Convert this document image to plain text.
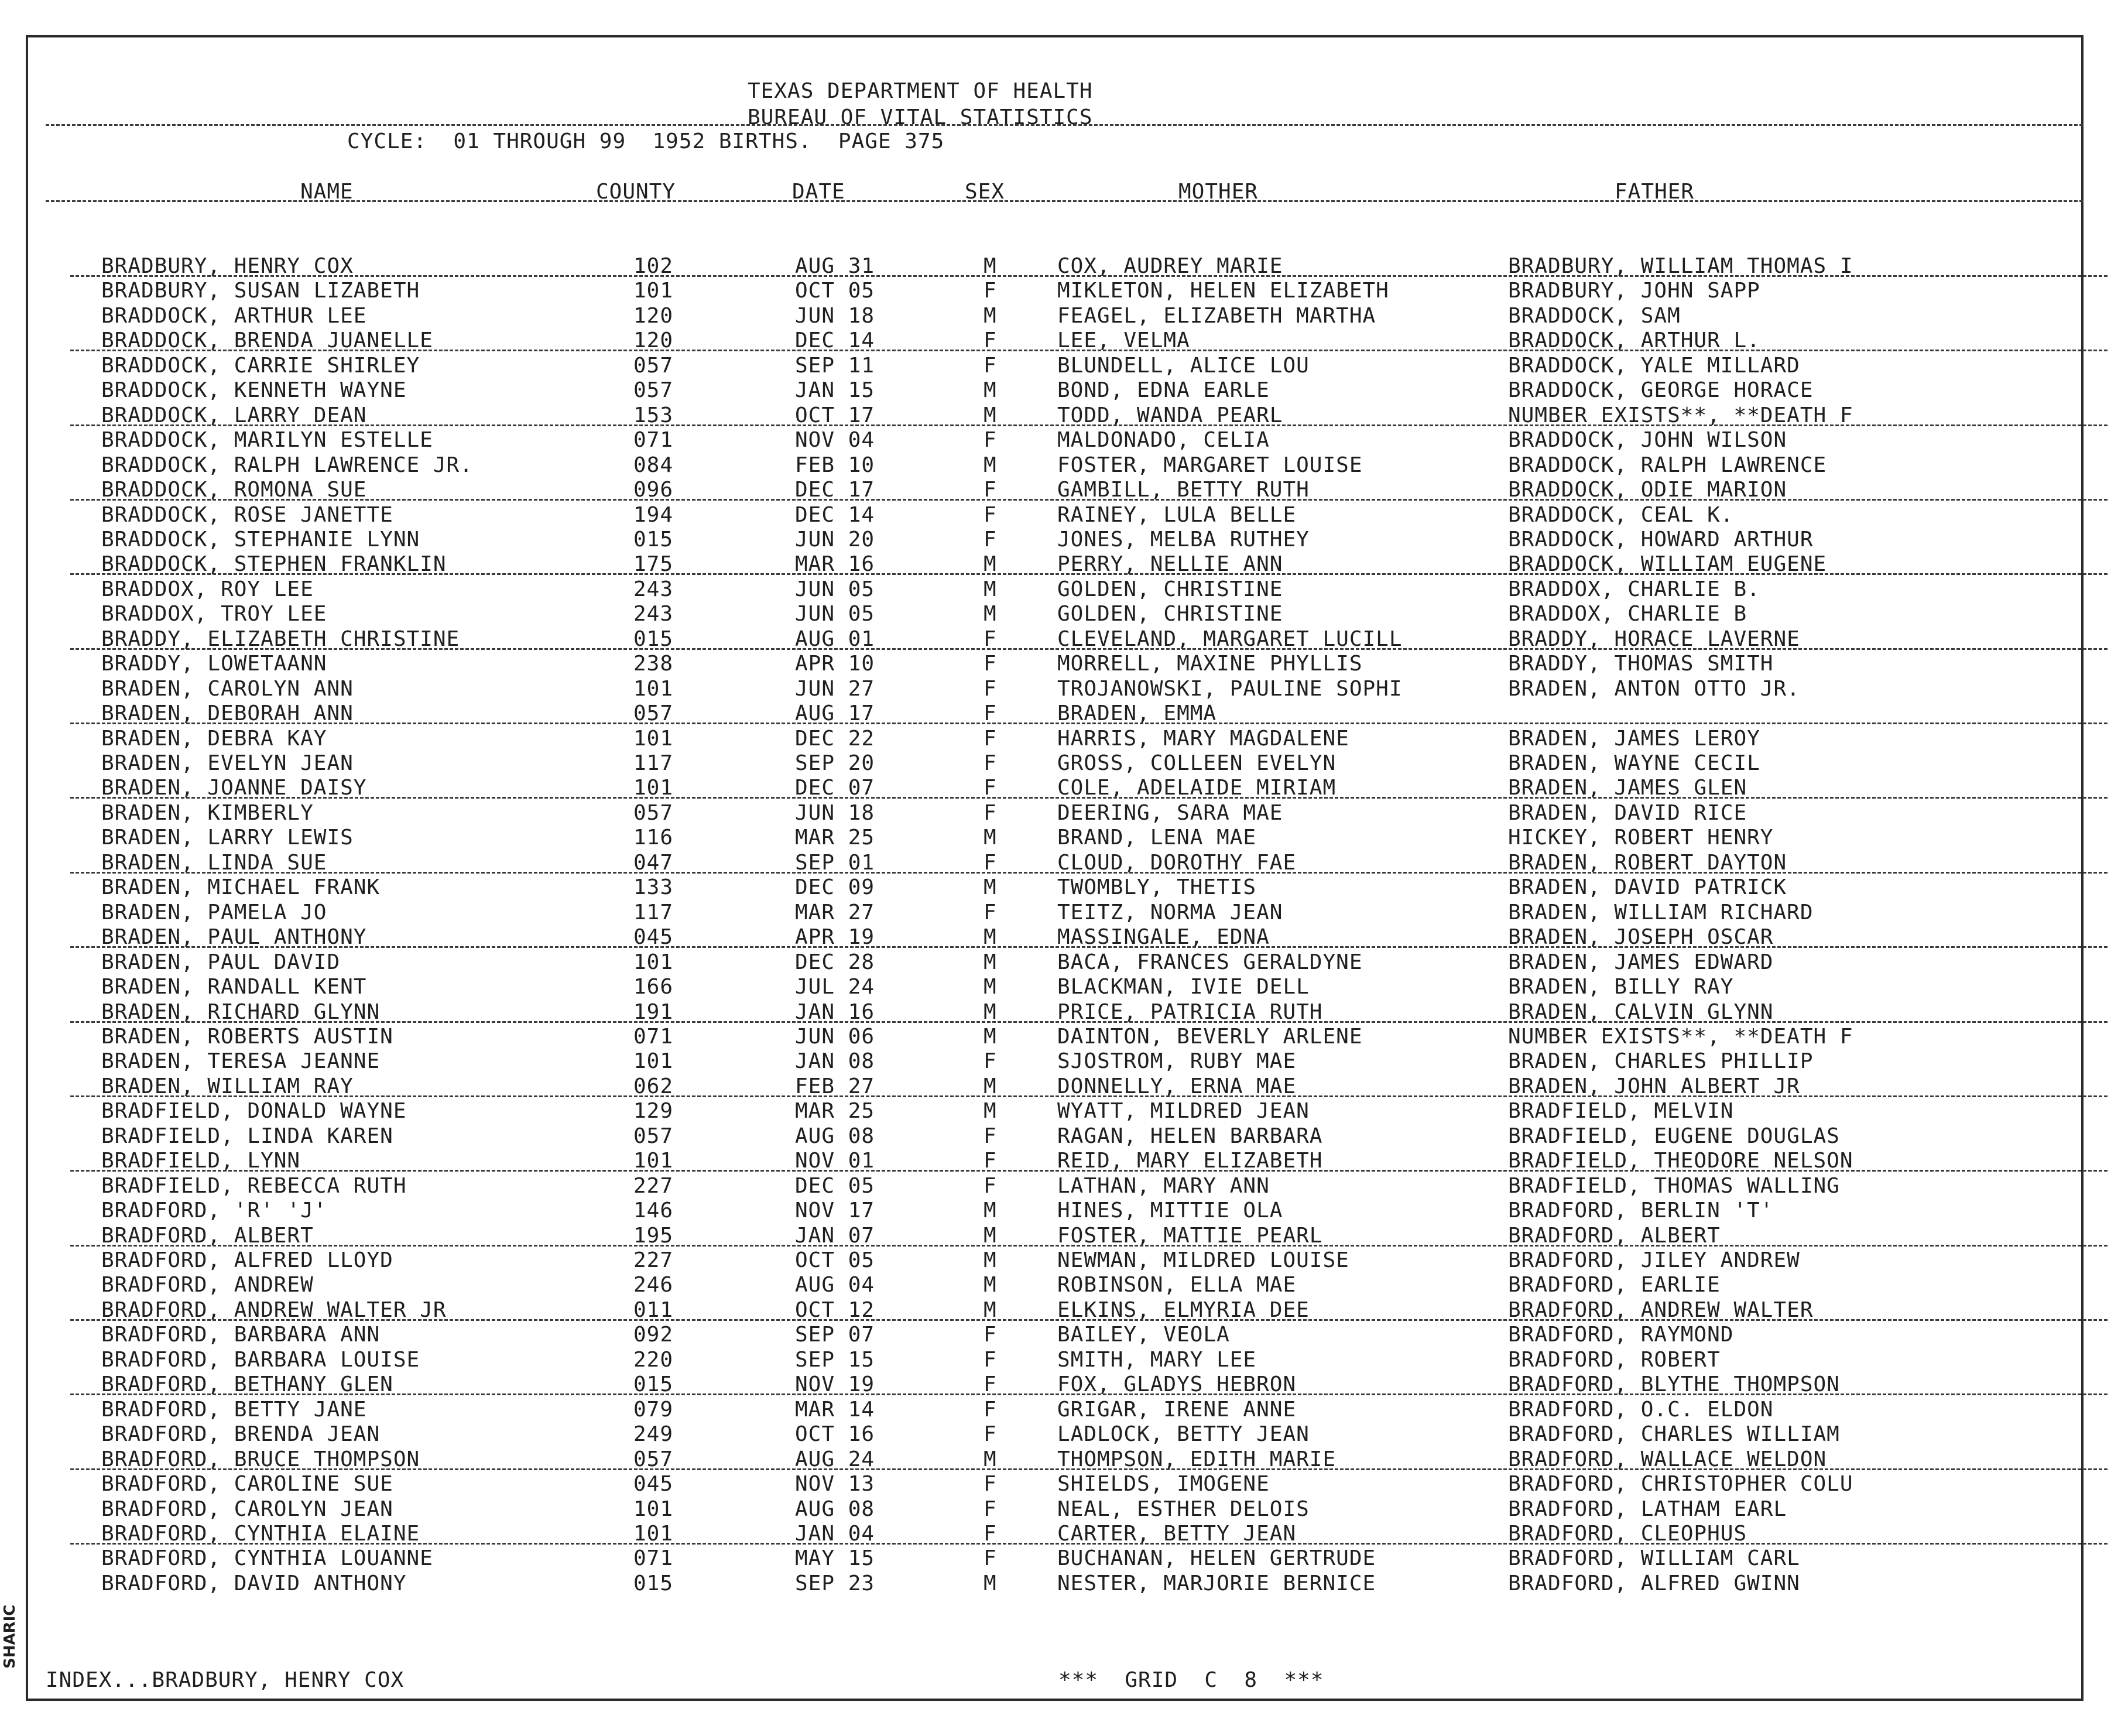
SHARIC
TEXAS DEPARTMENT OF HEALTH
BUREAU OF VITAL STATISTICS
CYCLE:  01 THROUGH 99  1952 BIRTHS.  PAGE 375
NAME	COUNTY	DATE	SEX	MOTHER	FATHER
BRADBURY, HENRY COX	102	AUG 31	M	COX, AUDREY MARIE	BRADBURY, WILLIAM THOMAS I
BRADBURY, SUSAN LIZABETH	101	OCT 05	F	MIKLETON, HELEN ELIZABETH	BRADBURY, JOHN SAPP
BRADDOCK, ARTHUR LEE	120	JUN 18	M	FEAGEL, ELIZABETH MARTHA	BRADDOCK, SAM
BRADDOCK, BRENDA JUANELLE	120	DEC 14	F	LEE, VELMA	BRADDOCK, ARTHUR L.
BRADDOCK, CARRIE SHIRLEY	057	SEP 11	F	BLUNDELL, ALICE LOU	BRADDOCK, YALE MILLARD
BRADDOCK, KENNETH WAYNE	057	JAN 15	M	BOND, EDNA EARLE	BRADDOCK, GEORGE HORACE
BRADDOCK, LARRY DEAN	153	OCT 17	M	TODD, WANDA PEARL	NUMBER EXISTS**, **DEATH F
BRADDOCK, MARILYN ESTELLE	071	NOV 04	F	MALDONADO, CELIA	BRADDOCK, JOHN WILSON
BRADDOCK, RALPH LAWRENCE JR.	084	FEB 10	M	FOSTER, MARGARET LOUISE	BRADDOCK, RALPH LAWRENCE
BRADDOCK, ROMONA SUE	096	DEC 17	F	GAMBILL, BETTY RUTH	BRADDOCK, ODIE MARION
BRADDOCK, ROSE JANETTE	194	DEC 14	F	RAINEY, LULA BELLE	BRADDOCK, CEAL K.
BRADDOCK, STEPHANIE LYNN	015	JUN 20	F	JONES, MELBA RUTHEY	BRADDOCK, HOWARD ARTHUR
BRADDOCK, STEPHEN FRANKLIN	175	MAR 16	M	PERRY, NELLIE ANN	BRADDOCK, WILLIAM EUGENE
BRADDOX, ROY LEE	243	JUN 05	M	GOLDEN, CHRISTINE	BRADDOX, CHARLIE B.
BRADDOX, TROY LEE	243	JUN 05	M	GOLDEN, CHRISTINE	BRADDOX, CHARLIE B
BRADDY, ELIZABETH CHRISTINE	015	AUG 01	F	CLEVELAND, MARGARET LUCILL	BRADDY, HORACE LAVERNE
BRADDY, LOWETAANN	238	APR 10	F	MORRELL, MAXINE PHYLLIS	BRADDY, THOMAS SMITH
BRADEN, CAROLYN ANN	101	JUN 27	F	TROJANOWSKI, PAULINE SOPHI	BRADEN, ANTON OTTO JR.
BRADEN, DEBORAH ANN	057	AUG 17	F	BRADEN, EMMA
BRADEN, DEBRA KAY	101	DEC 22	F	HARRIS, MARY MAGDALENE	BRADEN, JAMES LEROY
BRADEN, EVELYN JEAN	117	SEP 20	F	GROSS, COLLEEN EVELYN	BRADEN, WAYNE CECIL
BRADEN, JOANNE DAISY	101	DEC 07	F	COLE, ADELAIDE MIRIAM	BRADEN, JAMES GLEN
BRADEN, KIMBERLY	057	JUN 18	F	DEERING, SARA MAE	BRADEN, DAVID RICE
BRADEN, LARRY LEWIS	116	MAR 25	M	BRAND, LENA MAE	HICKEY, ROBERT HENRY
BRADEN, LINDA SUE	047	SEP 01	F	CLOUD, DOROTHY FAE	BRADEN, ROBERT DAYTON
BRADEN, MICHAEL FRANK	133	DEC 09	M	TWOMBLY, THETIS	BRADEN, DAVID PATRICK
BRADEN, PAMELA JO	117	MAR 27	F	TEITZ, NORMA JEAN	BRADEN, WILLIAM RICHARD
BRADEN, PAUL ANTHONY	045	APR 19	M	MASSINGALE, EDNA	BRADEN, JOSEPH OSCAR
BRADEN, PAUL DAVID	101	DEC 28	M	BACA, FRANCES GERALDYNE	BRADEN, JAMES EDWARD
BRADEN, RANDALL KENT	166	JUL 24	M	BLACKMAN, IVIE DELL	BRADEN, BILLY RAY
BRADEN, RICHARD GLYNN	191	JAN 16	M	PRICE, PATRICIA RUTH	BRADEN, CALVIN GLYNN
BRADEN, ROBERTS AUSTIN	071	JUN 06	M	DAINTON, BEVERLY ARLENE	NUMBER EXISTS**, **DEATH F
BRADEN, TERESA JEANNE	101	JAN 08	F	SJOSTROM, RUBY MAE	BRADEN, CHARLES PHILLIP
BRADEN, WILLIAM RAY	062	FEB 27	M	DONNELLY, ERNA MAE	BRADEN, JOHN ALBERT JR
BRADFIELD, DONALD WAYNE	129	MAR 25	M	WYATT, MILDRED JEAN	BRADFIELD, MELVIN
BRADFIELD, LINDA KAREN	057	AUG 08	F	RAGAN, HELEN BARBARA	BRADFIELD, EUGENE DOUGLAS
BRADFIELD, LYNN	101	NOV 01	F	REID, MARY ELIZABETH	BRADFIELD, THEODORE NELSON
BRADFIELD, REBECCA RUTH	227	DEC 05	F	LATHAN, MARY ANN	BRADFIELD, THOMAS WALLING
BRADFORD, 'R' 'J'	146	NOV 17	M	HINES, MITTIE OLA	BRADFORD, BERLIN 'T'
BRADFORD, ALBERT	195	JAN 07	M	FOSTER, MATTIE PEARL	BRADFORD, ALBERT
BRADFORD, ALFRED LLOYD	227	OCT 05	M	NEWMAN, MILDRED LOUISE	BRADFORD, JILEY ANDREW
BRADFORD, ANDREW	246	AUG 04	M	ROBINSON, ELLA MAE	BRADFORD, EARLIE
BRADFORD, ANDREW WALTER JR	011	OCT 12	M	ELKINS, ELMYRIA DEE	BRADFORD, ANDREW WALTER
BRADFORD, BARBARA ANN	092	SEP 07	F	BAILEY, VEOLA	BRADFORD, RAYMOND
BRADFORD, BARBARA LOUISE	220	SEP 15	F	SMITH, MARY LEE	BRADFORD, ROBERT
BRADFORD, BETHANY GLEN	015	NOV 19	F	FOX, GLADYS HEBRON	BRADFORD, BLYTHE THOMPSON
BRADFORD, BETTY JANE	079	MAR 14	F	GRIGAR, IRENE ANNE	BRADFORD, O.C. ELDON
BRADFORD, BRENDA JEAN	249	OCT 16	F	LADLOCK, BETTY JEAN	BRADFORD, CHARLES WILLIAM
BRADFORD, BRUCE THOMPSON	057	AUG 24	M	THOMPSON, EDITH MARIE	BRADFORD, WALLACE WELDON
BRADFORD, CAROLINE SUE	045	NOV 13	F	SHIELDS, IMOGENE	BRADFORD, CHRISTOPHER COLU
BRADFORD, CAROLYN JEAN	101	AUG 08	F	NEAL, ESTHER DELOIS	BRADFORD, LATHAM EARL
BRADFORD, CYNTHIA ELAINE	101	JAN 04	F	CARTER, BETTY JEAN	BRADFORD, CLEOPHUS
BRADFORD, CYNTHIA LOUANNE	071	MAY 15	F	BUCHANAN, HELEN GERTRUDE	BRADFORD, WILLIAM CARL
BRADFORD, DAVID ANTHONY	015	SEP 23	M	NESTER, MARJORIE BERNICE	BRADFORD, ALFRED GWINN
INDEX...BRADBURY, HENRY COX	***  GRID  C  8  ***
